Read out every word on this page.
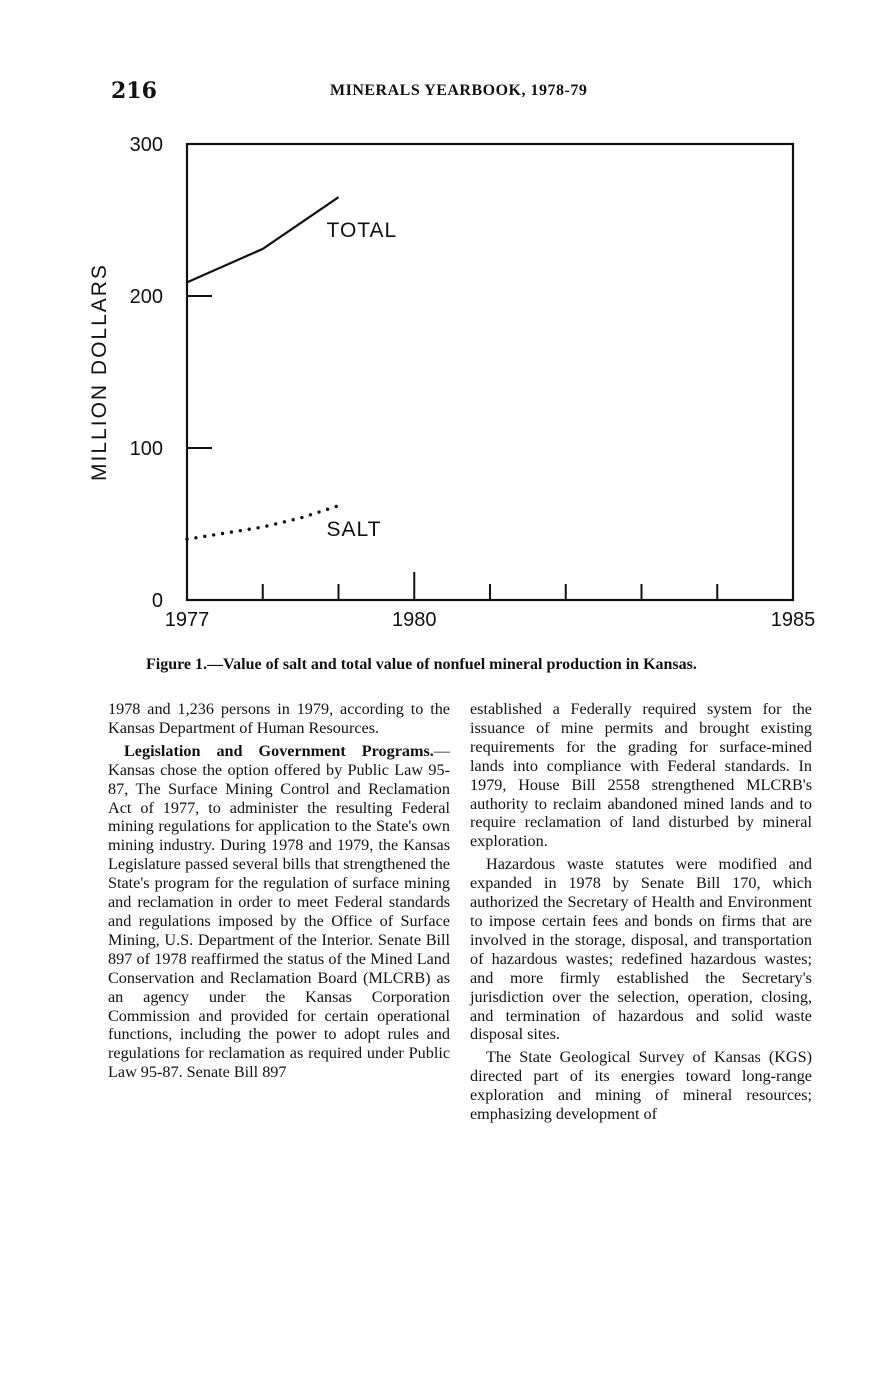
216	MINERALS YEARBOOK, 1978-79
0
100
200
300
1977	1980	1985
MILLION DOLLARS
TOTAL
SALT
Figure 1.—Value of salt and total value of nonfuel mineral production in Kansas.

1978 and 1,236 persons in 1979, according to the Kansas Department of Human Resources.

Legislation and Government Programs.—Kansas chose the option offered by Public Law 95-87, The Surface Mining Control and Reclamation Act of 1977, to administer the resulting Federal mining regulations for application to the State's own mining industry. During 1978 and 1979, the Kansas Legislature passed several bills that strengthened the State's program for the regulation of surface mining and reclamation in order to meet Federal standards and regulations imposed by the Office of Surface Mining, U.S. Department of the Interior. Senate Bill 897 of 1978 reaffirmed the status of the Mined Land Conservation and Reclamation Board (MLCRB) as an agency under the Kansas Corporation Commission and provided for certain operational functions, including the power to adopt rules and regulations for reclamation as required under Public Law 95-87. Senate Bill 897

established a Federally required system for the issuance of mine permits and brought existing requirements for the grading for surface-mined lands into compliance with Federal standards. In 1979, House Bill 2558 strengthened MLCRB's authority to reclaim abandoned mined lands and to require reclamation of land disturbed by mineral exploration.

Hazardous waste statutes were modified and expanded in 1978 by Senate Bill 170, which authorized the Secretary of Health and Environment to impose certain fees and bonds on firms that are involved in the storage, disposal, and transportation of hazardous wastes; redefined hazardous wastes; and more firmly established the Secretary's jurisdiction over the selection, operation, closing, and termination of hazardous and solid waste disposal sites.

The State Geological Survey of Kansas (KGS) directed part of its energies toward long-range exploration and mining of mineral resources; emphasizing development of
